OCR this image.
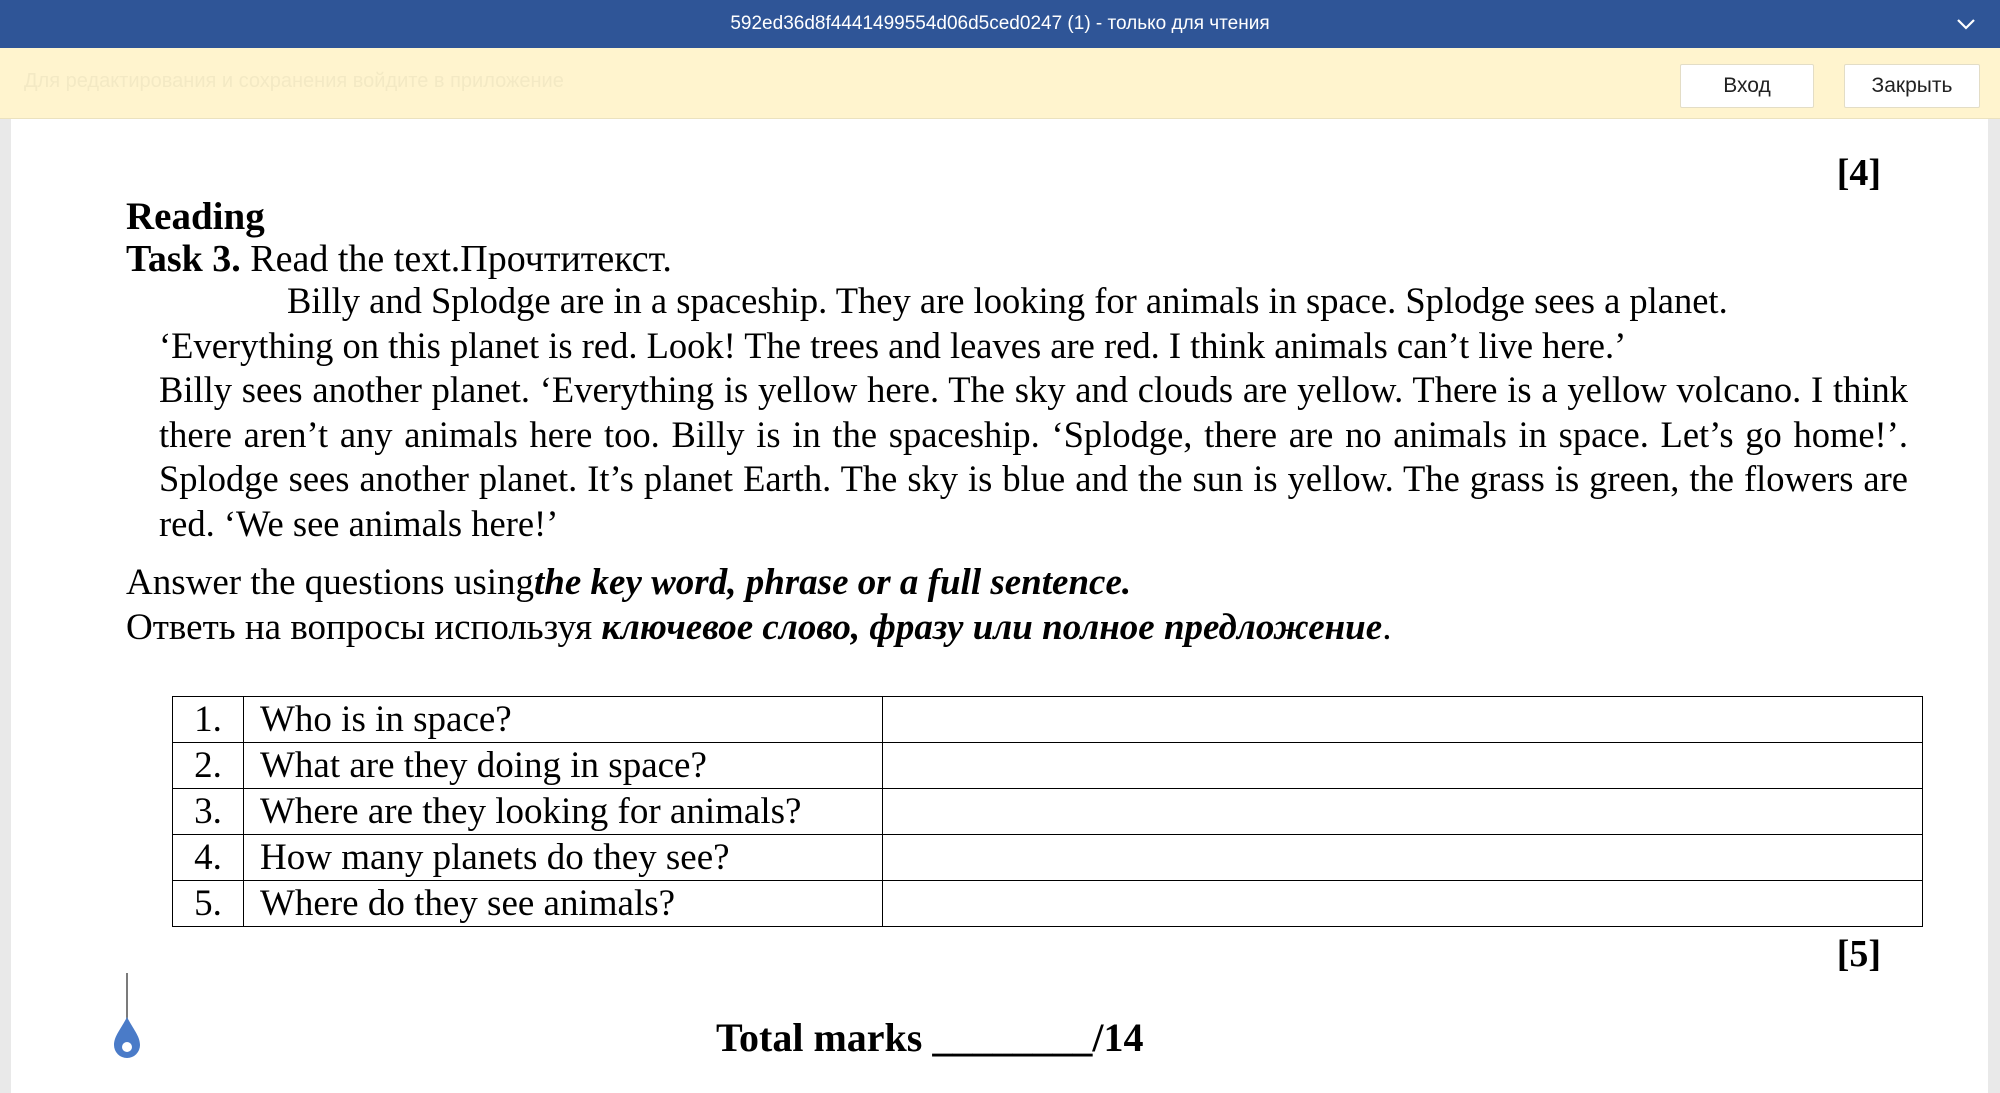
592ed36d8f4441499554d06d5ced0247 (1) - только для чтения
Для редактирования и сохранения войдите в приложение	Вход	Закрыть
[4]
Reading
Task 3. Read the text.Прочтитекст.

Billy and Splodge are in a spaceship. They are looking for animals in space. Splodge sees a planet.

‘Everything on this planet is red. Look! The trees and leaves are red. I think animals can’t live here.’

Billy sees another planet. ‘Everything is yellow here. The sky and clouds are yellow. There is a yellow volcano. I think there aren’t any animals here too. Billy is in the spaceship. ‘Splodge, there are no animals in space. Let’s go home!’. Splodge sees another planet. It’s planet Earth. The sky is blue and the sun is yellow. The grass is green, the flowers are red. ‘We see animals here!’

Answer the questions usingthe key word, phrase or a full sentence.
Ответь на вопросы используя ключевое слово, фразу или полное предложение.
1.	Who is in space?	
2.	What are they doing in space?	
3.	Where are they looking for animals?	
4.	How many planets do they see?	
5.	Where do they see animals?	
[5]
Total marks ________/14
